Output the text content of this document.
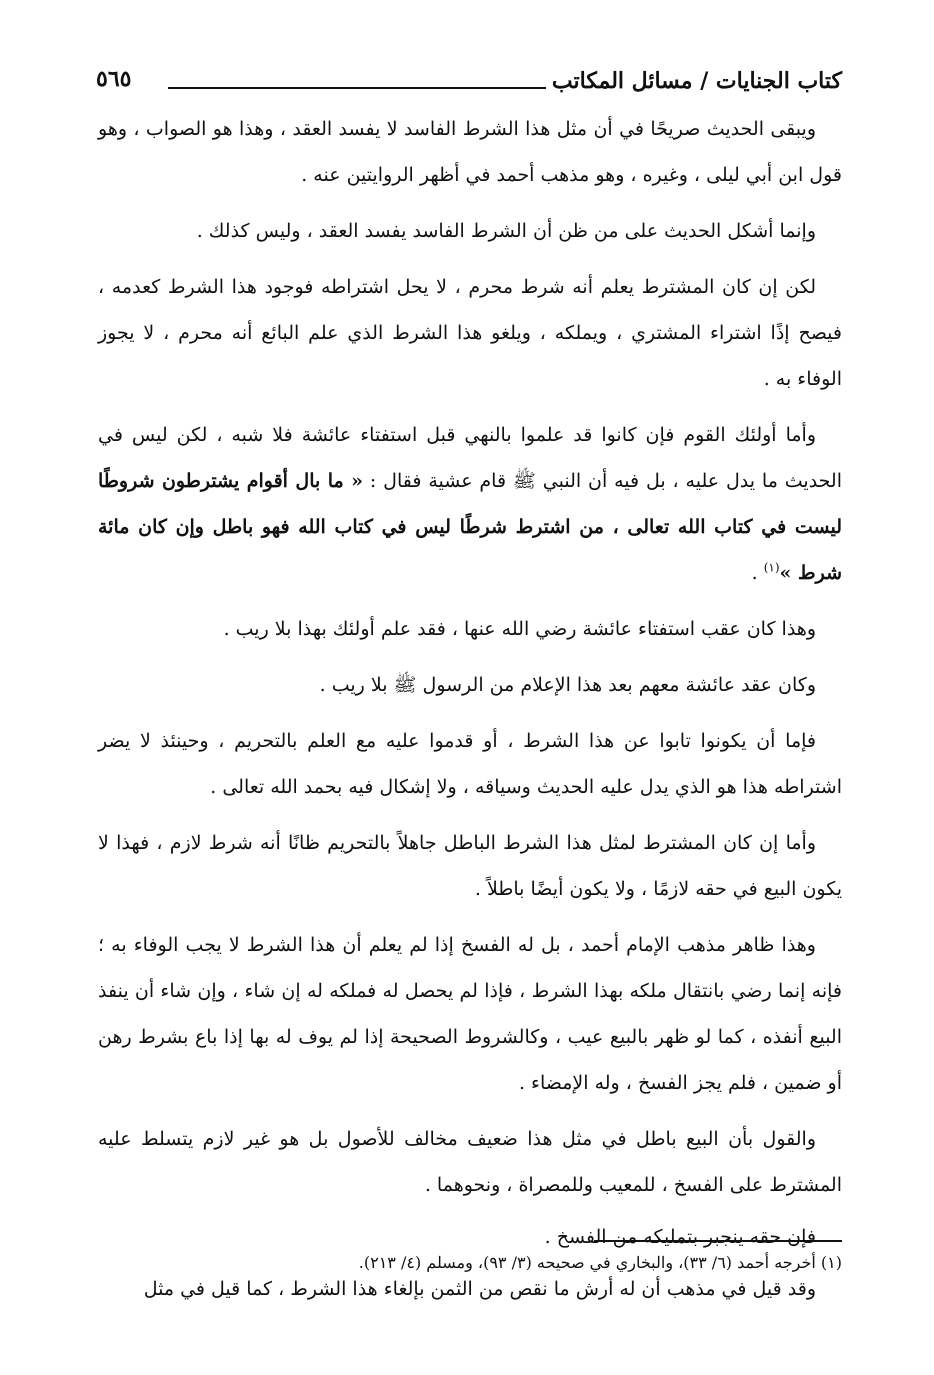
كتاب الجنايات / مسائل المكاتب
٥٦٥

ويبقى الحديث صريحًا في أن مثل هذا الشرط الفاسد لا يفسد العقد ، وهذا هو الصواب ، وهو قول ابن أبي ليلى ، وغيره ، وهو مذهب أحمد في أظهر الروايتين عنه .

وإنما أشكل الحديث على من ظن أن الشرط الفاسد يفسد العقد ، وليس كذلك .

لكن إن كان المشترط يعلم أنه شرط محرم ، لا يحل اشتراطه فوجود هذا الشرط كعدمه ، فيصح إذًا اشتراء المشتري ، ويملكه ، ويلغو هذا الشرط الذي علم البائع أنه محرم ، لا يجوز الوفاء به .

وأما أولئك القوم فإن كانوا قد علموا بالنهي قبل استفتاء عائشة فلا شبه ، لكن ليس في الحديث ما يدل عليه ، بل فيه أن النبي ﷺ قام عشية فقال : « ما بال أقوام يشترطون شروطًا ليست في كتاب الله تعالى ، من اشترط شرطًا ليس في كتاب الله فهو باطل وإن كان مائة شرط »$^{(١)}$ .

وهذا كان عقب استفتاء عائشة رضي الله عنها ، فقد علم أولئك بهذا بلا ريب .

وكان عقد عائشة معهم بعد هذا الإعلام من الرسول ﷺ بلا ريب .

فإما أن يكونوا تابوا عن هذا الشرط ، أو قدموا عليه مع العلم بالتحريم ، وحينئذ لا يضر اشتراطه هذا هو الذي يدل عليه الحديث وسياقه ، ولا إشكال فيه بحمد الله تعالى .

وأما إن كان المشترط لمثل هذا الشرط الباطل جاهلاً بالتحريم ظانًا أنه شرط لازم ، فهذا لا يكون البيع في حقه لازمًا ، ولا يكون أيضًا باطلاً .

وهذا ظاهر مذهب الإمام أحمد ، بل له الفسخ إذا لم يعلم أن هذا الشرط لا يجب الوفاء به ؛ فإنه إنما رضي بانتقال ملكه بهذا الشرط ، فإذا لم يحصل له فملكه له إن شاء ، وإن شاء أن ينفذ البيع أنفذه ، كما لو ظهر بالبيع عيب ، وكالشروط الصحيحة إذا لم يوف له بها إذا باع بشرط رهن أو ضمين ، فلم يجز الفسخ ، وله الإمضاء .

والقول بأن البيع باطل في مثل هذا ضعيف مخالف للأصول بل هو غير لازم يتسلط عليه المشترط على الفسخ ، للمعيب وللمصراة ، ونحوهما .

فإن حقه ينجبر بتمليكه من الفسخ .

وقد قيل في مذهب أن له أرش ما نقص من الثمن بإلغاء هذا الشرط ، كما قيل في مثل

(١) أخرجه أحمد (٦/ ٣٣)، والبخاري في صحيحه (٣/ ٩٣)، ومسلم (٤/ ٢١٣).
